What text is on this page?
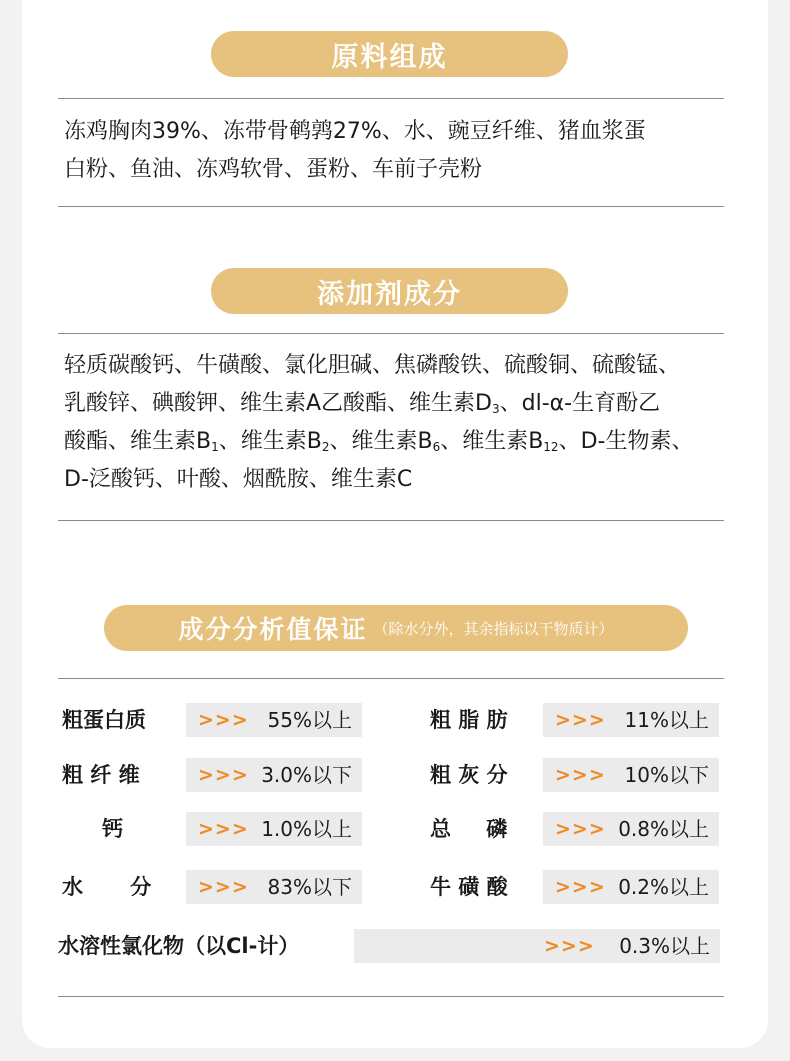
原料组成
冻鸡胸肉39%、冻带骨鹌鹑27%、水、豌豆纤维、猪血浆蛋
白粉、鱼油、冻鸡软骨、蛋粉、车前子壳粉
添加剂成分
轻质碳酸钙、牛磺酸、氯化胆碱、焦磷酸铁、硫酸铜、硫酸锰、
乳酸锌、碘酸钾、维生素A乙酸酯、维生素$D_3$、dl-α-生育酚乙
酸酯、维生素$B_1$、维生素$B_2$、维生素$B_6$、维生素$B_{12}$、D-生物素、
D-泛酸钙、叶酸、烟酰胺、维生素C
成分分析值保证 （除水分外，其余指标以干物质计）
粗蛋白质	>>> 55%以上	粗 脂 肪 >>> 11%以上
粗 纤 维	>>> 3.0%以下	粗 灰 分 >>> 10%以下
钙	>>> 1.0%以上	总 磷	>>> 0.8%以上
水 分 >>> 83%以下	牛 磺 酸 >>> 0.2%以上
水溶性氯化物（以Cl-计）	>>> 0.3%以上
